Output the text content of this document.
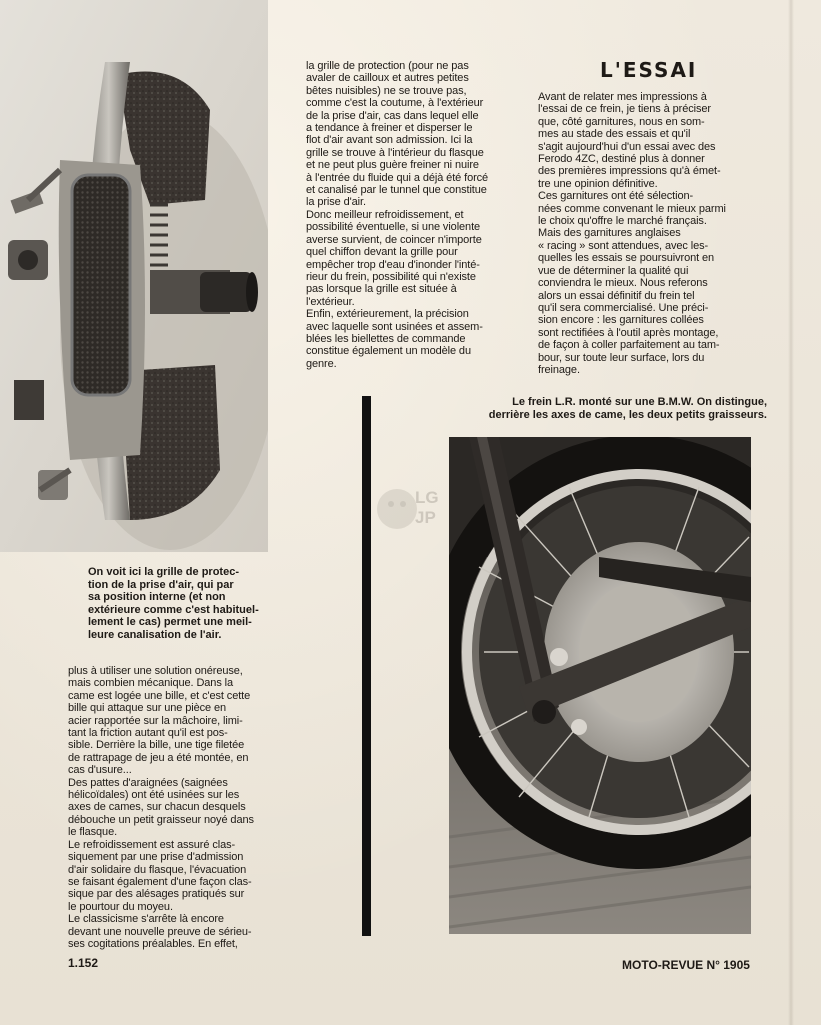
On voit ici la grille de protec-
tion de la prise d'air, qui par
sa position interne (et non
extérieure comme c'est habituel-
lement le cas) permet une meil-
leure canalisation de l'air.
plus à utiliser une solution onéreuse,
mais combien mécanique. Dans la
came est logée une bille, et c'est cette
bille qui attaque sur une pièce en
acier rapportée sur la mâchoire, limi-
tant la friction autant qu'il est pos-
sible. Derrière la bille, une tige filetée
de rattrapage de jeu a été montée, en
cas d'usure...
Des pattes d'araignées (saignées
hélicoïdales) ont été usinées sur les
axes de cames, sur chacun desquels
débouche un petit graisseur noyé dans
le flasque.
Le refroidissement est assuré clas-
siquement par une prise d'admission
d'air solidaire du flasque, l'évacuation
se faisant également d'une façon clas-
sique par des alésages pratiqués sur
le pourtour du moyeu.
Le classicisme s'arrête là encore
devant une nouvelle preuve de sérieu-
ses cogitations préalables. En effet,
la grille de protection (pour ne pas
avaler de cailloux et autres petites
bêtes nuisibles) ne se trouve pas,
comme c'est la coutume, à l'extérieur
de la prise d'air, cas dans lequel elle
a tendance à freiner et disperser le
flot d'air avant son admission. Ici la
grille se trouve à l'intérieur du flasque
et ne peut plus guère freiner ni nuire
à l'entrée du fluide qui a déjà été forcé
et canalisé par le tunnel que constitue
la prise d'air.
Donc meilleur refroidissement, et
possibilité éventuelle, si une violente
averse survient, de coincer n'importe
quel chiffon devant la grille pour
empêcher trop d'eau d'inonder l'inté-
rieur du frein, possibilité qui n'existe
pas lorsque la grille est située à
l'extérieur.
Enfin, extérieurement, la précision
avec laquelle sont usinées et assem-
blées les biellettes de commande
constitue également un modèle du
genre.
L'ESSAI
Avant de relater mes impressions à
l'essai de ce frein, je tiens à préciser
que, côté garnitures, nous en som-
mes au stade des essais et qu'il
s'agit aujourd'hui d'un essai avec des
Ferodo 4ZC, destiné plus à donner
des premières impressions qu'à émet-
tre une opinion définitive.
Ces garnitures ont été sélection-
nées comme convenant le mieux parmi
le choix qu'offre le marché français.
Mais des garnitures anglaises
« racing » sont attendues, avec les-
quelles les essais se poursuivront en
vue de déterminer la qualité qui
conviendra le mieux. Nous referons
alors un essai définitif du frein tel
qu'il sera commercialisé. Une préci-
sion encore : les garnitures collées
sont rectifiées à l'outil après montage,
de façon à coller parfaitement au tam-
bour, sur toute leur surface, lors du
freinage.
Le frein L.R. monté sur une B.M.W. On distingue,
derrière les axes de came, les deux petits graisseurs.
LG JP
1.152	MOTO-REVUE N° 1905
